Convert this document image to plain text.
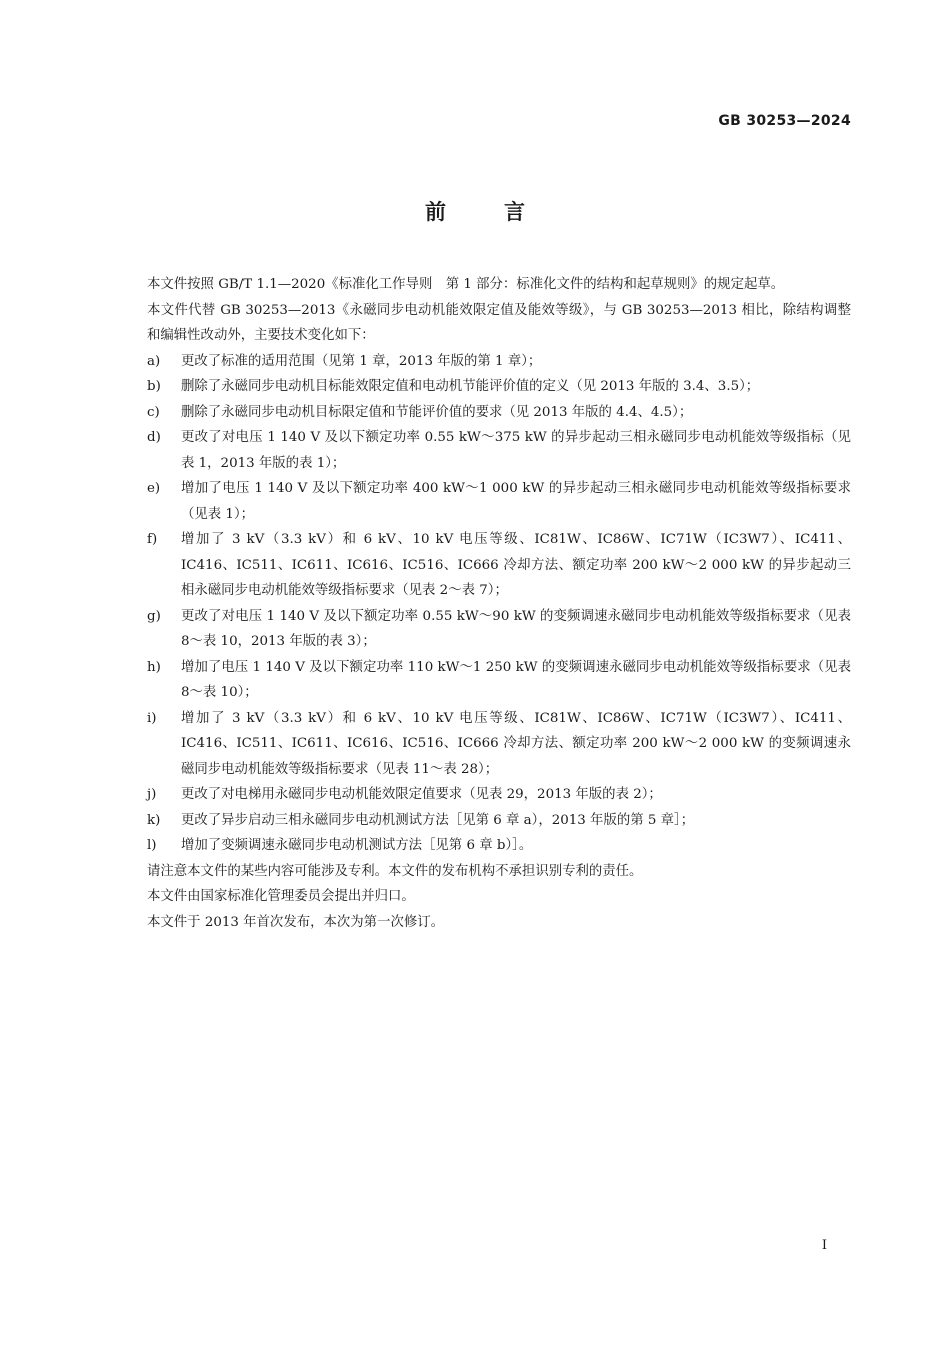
GB 30253—2024
前言

本文件按照 GB/T 1.1—2020《标准化工作导则　第 1 部分：标准化文件的结构和起草规则》的规定起草。

本文件代替 GB 30253—2013《永磁同步电动机能效限定值及能效等级》，与 GB 30253—2013 相比，除结构调整和编辑性改动外，主要技术变化如下：

a)	更改了标准的适用范围（见第 1 章，2013 年版的第 1 章）；
b)	删除了永磁同步电动机目标能效限定值和电动机节能评价值的定义（见 2013 年版的 3.4、3.5）；
c)	删除了永磁同步电动机目标限定值和节能评价值的要求（见 2013 年版的 4.4、4.5）；
d)	更改了对电压 1 140 V 及以下额定功率 0.55 kW～375 kW 的异步起动三相永磁同步电动机能效等级指标（见表 1，2013 年版的表 1）；
e)	增加了电压 1 140 V 及以下额定功率 400 kW～1 000 kW 的异步起动三相永磁同步电动机能效等级指标要求（见表 1）；
f)	增加了 3 kV（3.3 kV）和 6 kV、10 kV 电压等级、IC81W、IC86W、IC71W（IC3W7）、IC411、IC416、IC511、IC611、IC616、IC516、IC666 冷却方法、额定功率 200 kW～2 000 kW 的异步起动三相永磁同步电动机能效等级指标要求（见表 2～表 7）；
g)	更改了对电压 1 140 V 及以下额定功率 0.55 kW～90 kW 的变频调速永磁同步电动机能效等级指标要求（见表 8～表 10，2013 年版的表 3）；
h)	增加了电压 1 140 V 及以下额定功率 110 kW～1 250 kW 的变频调速永磁同步电动机能效等级指标要求（见表 8～表 10）；
i)	增加了 3 kV（3.3 kV）和 6 kV、10 kV 电压等级、IC81W、IC86W、IC71W（IC3W7）、IC411、IC416、IC511、IC611、IC616、IC516、IC666 冷却方法、额定功率 200 kW～2 000 kW 的变频调速永磁同步电动机能效等级指标要求（见表 11～表 28）；
j)	更改了对电梯用永磁同步电动机能效限定值要求（见表 29，2013 年版的表 2）；
k)	更改了异步启动三相永磁同步电动机测试方法［见第 6 章 a），2013 年版的第 5 章］；
l)	增加了变频调速永磁同步电动机测试方法［见第 6 章 b）］。

请注意本文件的某些内容可能涉及专利。本文件的发布机构不承担识别专利的责任。

本文件由国家标准化管理委员会提出并归口。

本文件于 2013 年首次发布，本次为第一次修订。

I
